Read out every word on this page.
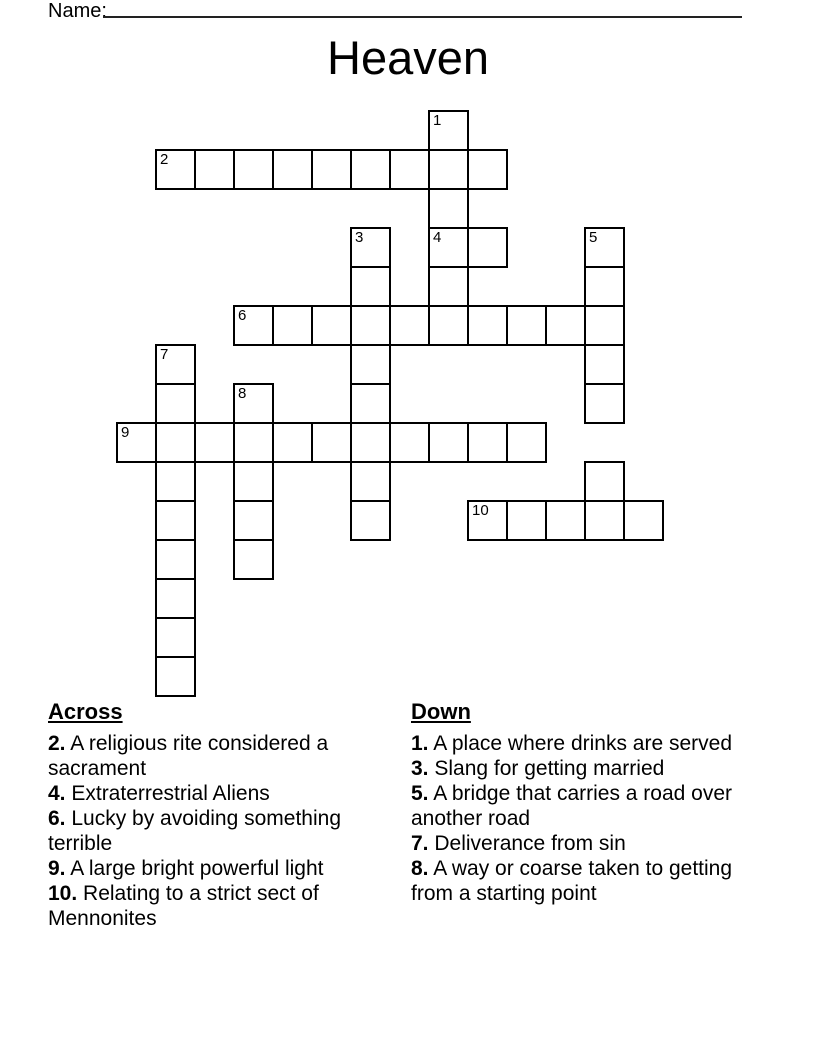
Name:
Heaven
1
2
3	4	5
6
7
8
9
10
Across
2. A religious rite considered a sacrament
4. Extraterrestrial Aliens
6. Lucky by avoiding something terrible
9. A large bright powerful light
10. Relating to a strict sect of Mennonites
Down
1. A place where drinks are served
3. Slang for getting married
5. A bridge that carries a road over another road
7. Deliverance from sin
8. A way or coarse taken to getting from a starting point
